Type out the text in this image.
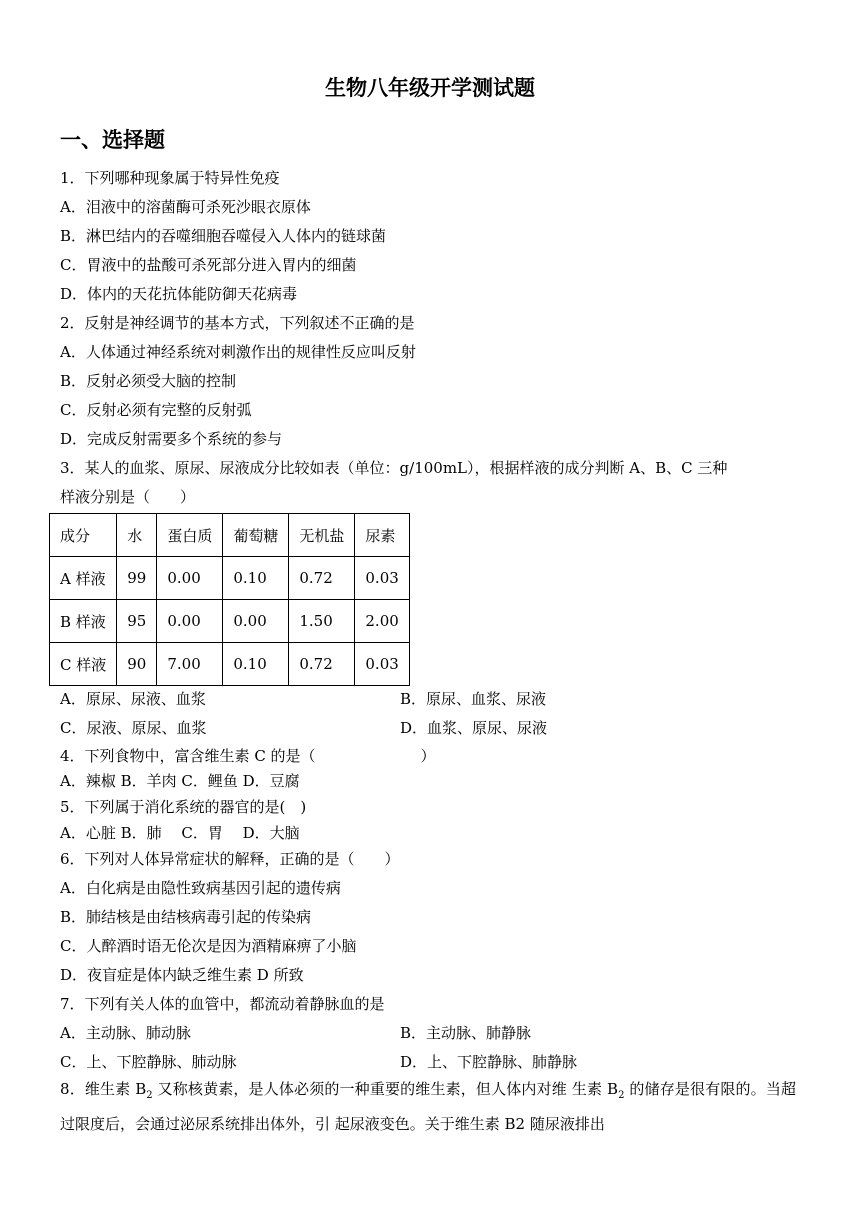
生物八年级开学测试题
一、选择题
1．下列哪种现象属于特异性免疫
A．泪液中的溶菌酶可杀死沙眼衣原体
B．淋巴结内的吞噬细胞吞噬侵入人体内的链球菌
C．胃液中的盐酸可杀死部分进入胃内的细菌
D．体内的天花抗体能防御天花病毒
2．反射是神经调节的基本方式，下列叙述不正确的是
A．人体通过神经系统对刺激作出的规律性反应叫反射
B．反射必须受大脑的控制
C．反射必须有完整的反射弧
D．完成反射需要多个系统的参与
3．某人的血浆、原尿、尿液成分比较如表（单位：g/100mL），根据样液的成分判断 A、B、C 三种
样液分别是（　　）
成分	水	蛋白质	葡萄糖	无机盐	尿素
A 样液	99	0.00	0.10	0.72	0.03
B 样液	95	0.00	0.00	1.50	2.00
C 样液	90	7.00	0.10	0.72	0.03
A．原尿、尿液、血浆	B．原尿、血浆、尿液
C．尿液、原尿、血浆	D．血浆、原尿、尿液
4．下列食物中，富含维生素 C 的是（　　　　　　　）
A．辣椒 B．羊肉 C．鲤鱼 D．豆腐
5．下列属于消化系统的器官的是(　)
A．心脏 B．肺　 C．胃　 D．大脑
6．下列对人体异常症状的解释，正确的是（　　）
A．白化病是由隐性致病基因引起的遗传病
B．肺结核是由结核病毒引起的传染病
C．人醉酒时语无伦次是因为酒精麻痹了小脑
D．夜盲症是体内缺乏维生素 D 所致
7．下列有关人体的血管中，都流动着静脉血的是
A．主动脉、肺动脉	B．主动脉、肺静脉
C．上、下腔静脉、肺动脉	D．上、下腔静脉、肺静脉
8．维生素 $B_2$ 又称核黄素，是人体必须的一种重要的维生素，但人体内对维 生素 $B_2$ 的储存是很有限的。当超过限度后，会通过泌尿系统排出体外，引 起尿液变色。关于维生素 B2 随尿液排出
